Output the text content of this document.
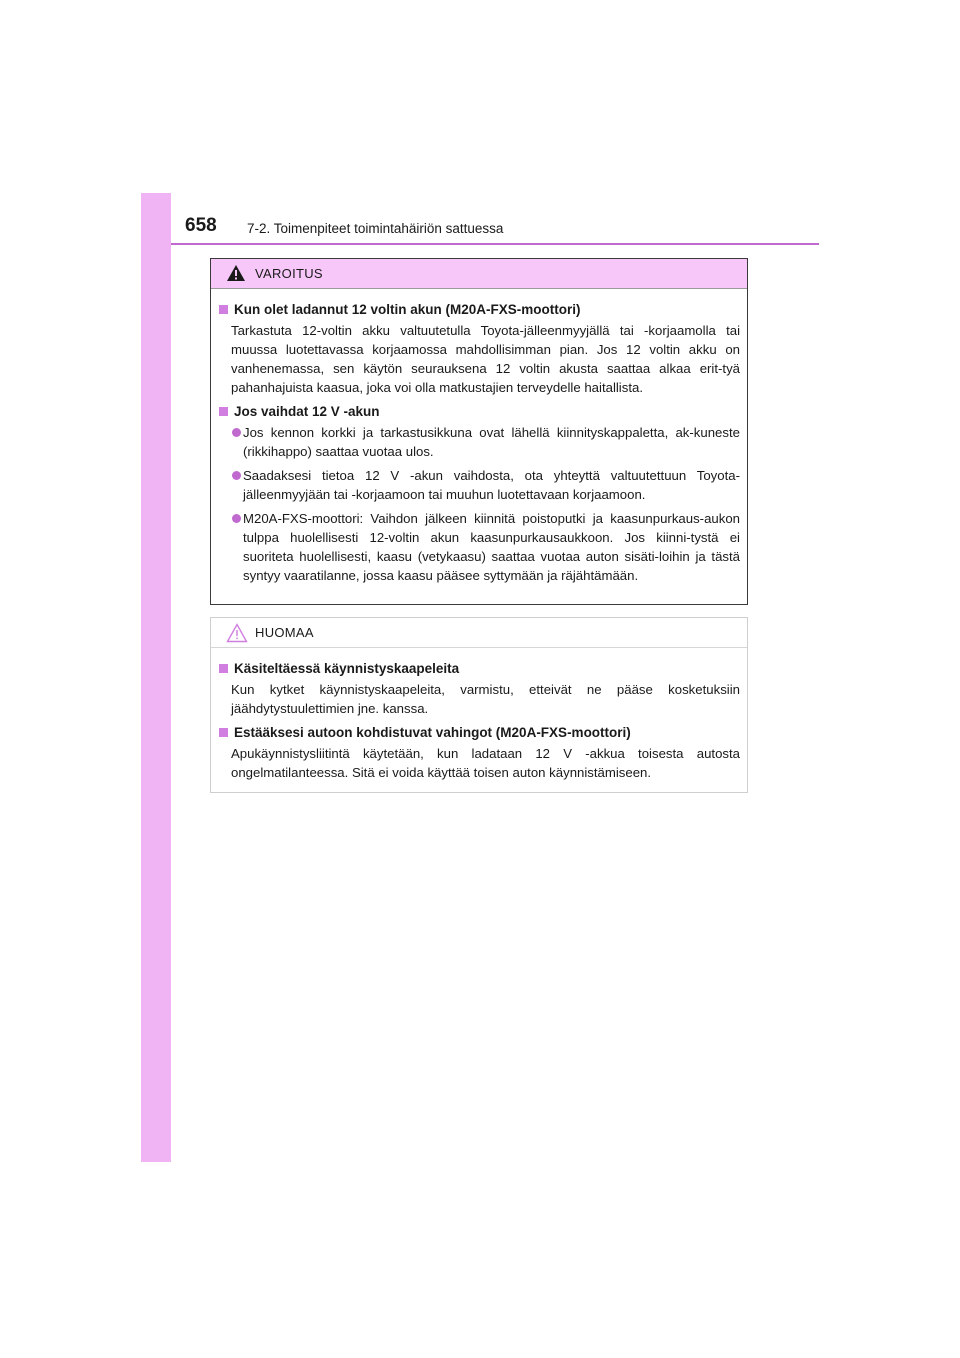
658 7-2. Toimenpiteet toimintahäiriön sattuessa
VAROITUS
Kun olet ladannut 12 voltin akun (M20A-FXS-moottori)
Tarkastuta 12-voltin akku valtuutetulla Toyota-jälleenmyyjällä tai -korjaamolla tai muussa luotettavassa korjaamossa mahdollisimman pian. Jos 12 voltin akku on vanhenemassa, sen käytön seurauksena 12 voltin akusta saattaa alkaa erit-tyä pahanhajuista kaasua, joka voi olla matkustajien terveydelle haitallista.
Jos vaihdat 12 V -akun
Jos kennon korkki ja tarkastusikkuna ovat lähellä kiinnityskappaletta, ak-kuneste (rikkihappo) saattaa vuotaa ulos.
Saadaksesi tietoa 12 V -akun vaihdosta, ota yhteyttä valtuutettuun Toyota-jälleenmyyjään tai -korjaamoon tai muuhun luotettavaan korjaamoon.
M20A-FXS-moottori: Vaihdon jälkeen kiinnitä poistoputki ja kaasunpurkaus-aukon tulppa huolellisesti 12-voltin akun kaasunpurkausaukkoon. Jos kiinni-tystä ei suoriteta huolellisesti, kaasu (vetykaasu) saattaa vuotaa auton sisäti-loihin ja tästä syntyy vaaratilanne, jossa kaasu pääsee syttymään ja räjähtämään.
HUOMAA
Käsiteltäessä käynnistyskaapeleita
Kun kytket käynnistyskaapeleita, varmistu, etteivät ne pääse kosketuksiin jäähdytystuulettimien jne. kanssa.
Estääksesi autoon kohdistuvat vahingot (M20A-FXS-moottori)
Apukäynnistysliitintä käytetään, kun ladataan 12 V -akkua toisesta autosta ongelmatilanteessa. Sitä ei voida käyttää toisen auton käynnistämiseen.
